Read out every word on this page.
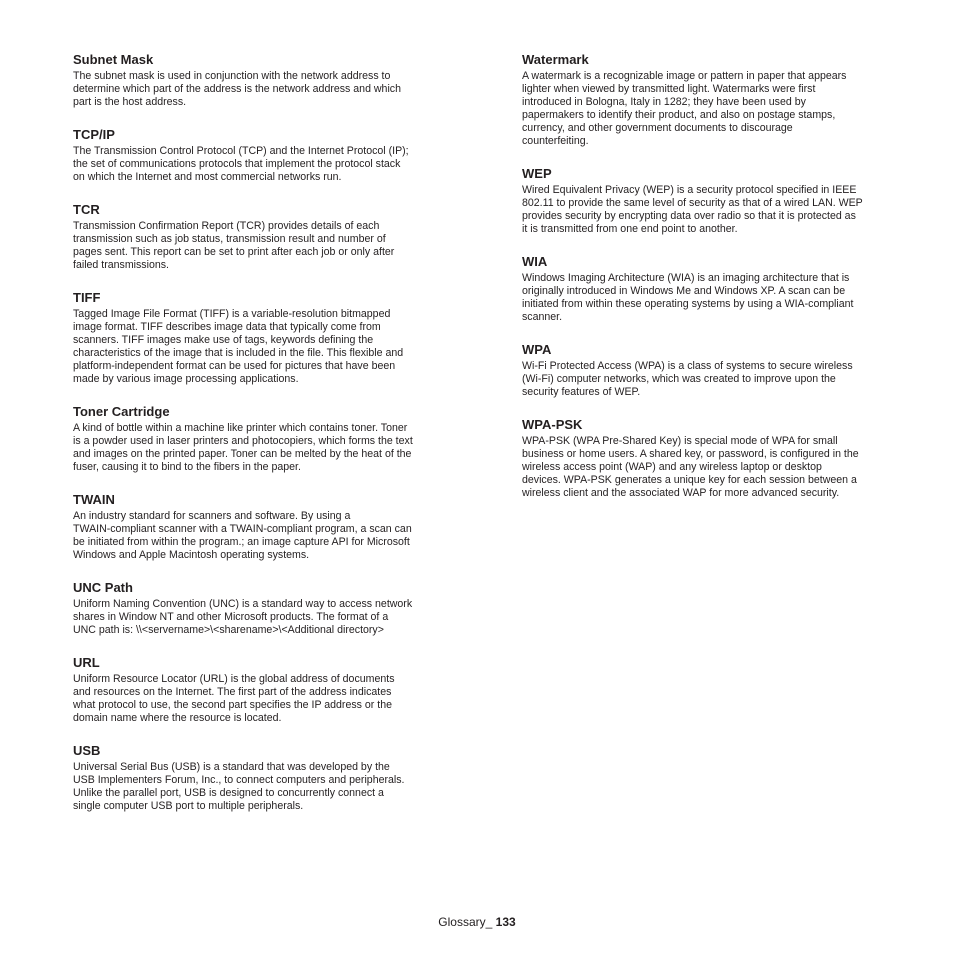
Subnet Mask
The subnet mask is used in conjunction with the network address to
determine which part of the address is the network address and which
part is the host address.
TCP/IP
The Transmission Control Protocol (TCP) and the Internet Protocol (IP);
the set of communications protocols that implement the protocol stack
on which the Internet and most commercial networks run.
TCR
Transmission Confirmation Report (TCR) provides details of each
transmission such as job status, transmission result and number of
pages sent. This report can be set to print after each job or only after
failed transmissions.
TIFF
Tagged Image File Format (TIFF) is a variable-resolution bitmapped
image format. TIFF describes image data that typically come from
scanners. TIFF images make use of tags, keywords defining the
characteristics of the image that is included in the file. This flexible and
platform-independent format can be used for pictures that have been
made by various image processing applications.
Toner Cartridge
A kind of bottle within a machine like printer which contains toner. Toner
is a powder used in laser printers and photocopiers, which forms the text
and images on the printed paper. Toner can be melted by the heat of the
fuser, causing it to bind to the fibers in the paper.
TWAIN
An industry standard for scanners and software. By using a
TWAIN-compliant scanner with a TWAIN-compliant program, a scan can
be initiated from within the program.; an image capture API for Microsoft
Windows and Apple Macintosh operating systems.
UNC Path
Uniform Naming Convention (UNC) is a standard way to access network
shares in Window NT and other Microsoft products. The format of a
UNC path is: \\<servername>\<sharename>\<Additional directory>
URL
Uniform Resource Locator (URL) is the global address of documents
and resources on the Internet. The first part of the address indicates
what protocol to use, the second part specifies the IP address or the
domain name where the resource is located.
USB
Universal Serial Bus (USB) is a standard that was developed by the
USB Implementers Forum, Inc., to connect computers and peripherals.
Unlike the parallel port, USB is designed to concurrently connect a
single computer USB port to multiple peripherals.
Watermark
A watermark is a recognizable image or pattern in paper that appears
lighter when viewed by transmitted light. Watermarks were first
introduced in Bologna, Italy in 1282; they have been used by
papermakers to identify their product, and also on postage stamps,
currency, and other government documents to discourage
counterfeiting.
WEP
Wired Equivalent Privacy (WEP) is a security protocol specified in IEEE
802.11 to provide the same level of security as that of a wired LAN. WEP
provides security by encrypting data over radio so that it is protected as
it is transmitted from one end point to another.
WIA
Windows Imaging Architecture (WIA) is an imaging architecture that is
originally introduced in Windows Me and Windows XP. A scan can be
initiated from within these operating systems by using a WIA-compliant
scanner.
WPA
Wi-Fi Protected Access (WPA) is a class of systems to secure wireless
(Wi-Fi) computer networks, which was created to improve upon the
security features of WEP.
WPA-PSK
WPA-PSK (WPA Pre-Shared Key) is special mode of WPA for small
business or home users. A shared key, or password, is configured in the
wireless access point (WAP) and any wireless laptop or desktop
devices. WPA-PSK generates a unique key for each session between a
wireless client and the associated WAP for more advanced security.
Glossary_ 133
